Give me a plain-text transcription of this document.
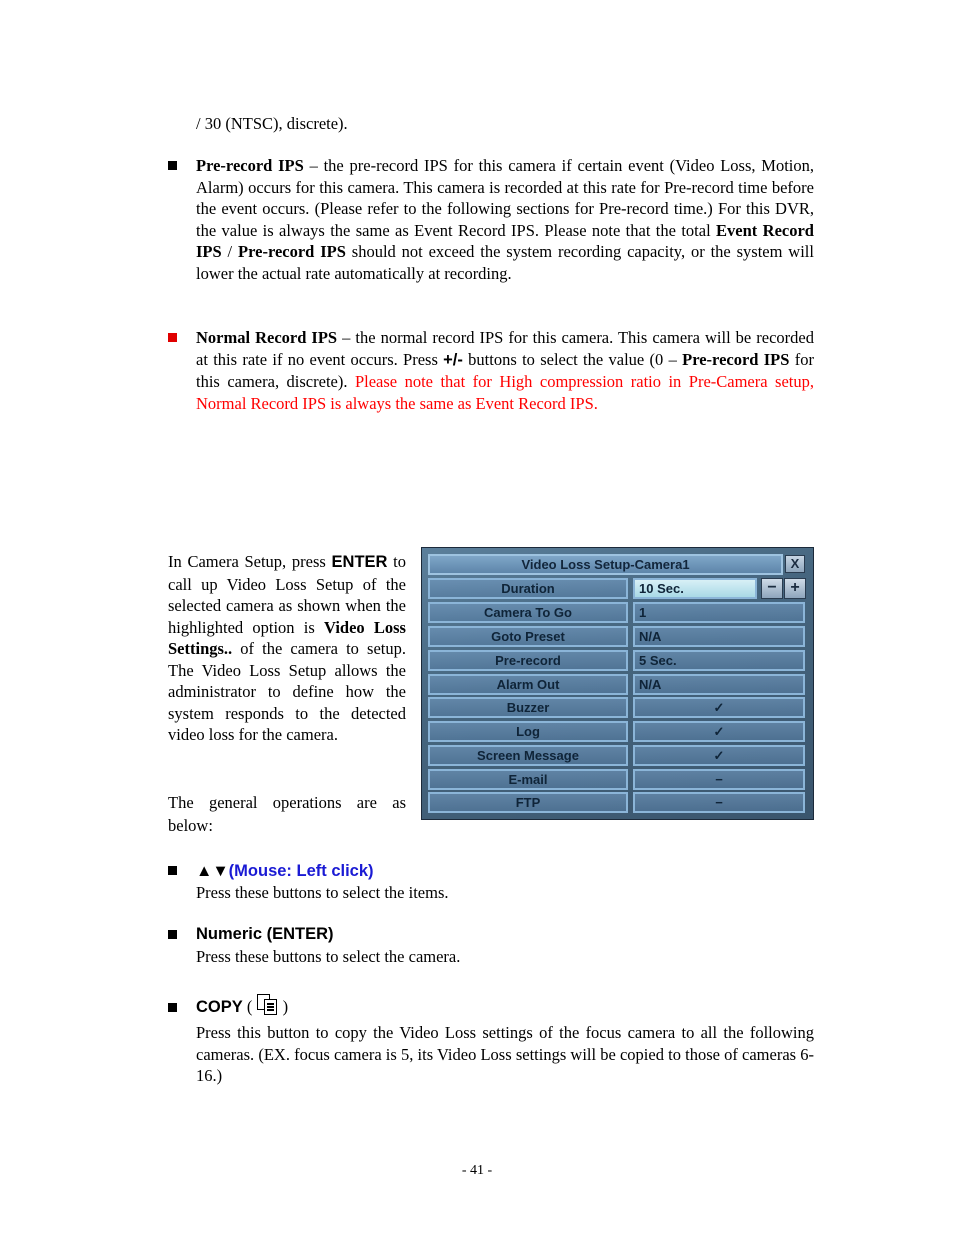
/ 30 (NTSC), discrete).
Pre-record IPS – the pre-record IPS for this camera if certain event (Video Loss, Motion, Alarm) occurs for this camera. This camera is recorded at this rate for Pre-record time before the event occurs. (Please refer to the following sections for Pre-record time.) For this DVR, the value is always the same as Event Record IPS. Please note that the total Event Record IPS / Pre-record IPS should not exceed the system recording capacity, or the system will lower the actual rate automatically at recording.
Normal Record IPS – the normal record IPS for this camera. This camera will be recorded at this rate if no event occurs. Press +/- buttons to select the value (0 – Pre-record IPS for this camera, discrete). Please note that for High compression ratio in Pre-Camera setup, Normal Record IPS is always the same as Event Record IPS.
In Camera Setup, press ENTER to call up Video Loss Setup of the selected camera as shown when the highlighted option is Video Loss Settings.. of the camera to setup. The Video Loss Setup allows the administrator to define how the system responds to the detected video loss for the camera.
The general operations are as below:
Video Loss Setup-Camera1	X
Duration	10 Sec.	− +
Camera To Go	1
Goto Preset	N/A
Pre-record	5 Sec.
Alarm Out	N/A
Buzzer	✓
Log	✓
Screen Message	✓
E-mail	−
FTP	−
▲▼(Mouse: Left click)
Press these buttons to select the items.
Numeric (ENTER)
Press these buttons to select the camera.
COPY (
)
Press this button to copy the Video Loss settings of the focus camera to all the following cameras. (EX. focus camera is 5, its Video Loss settings will be copied to those of cameras 6-16.)
- 41 -
